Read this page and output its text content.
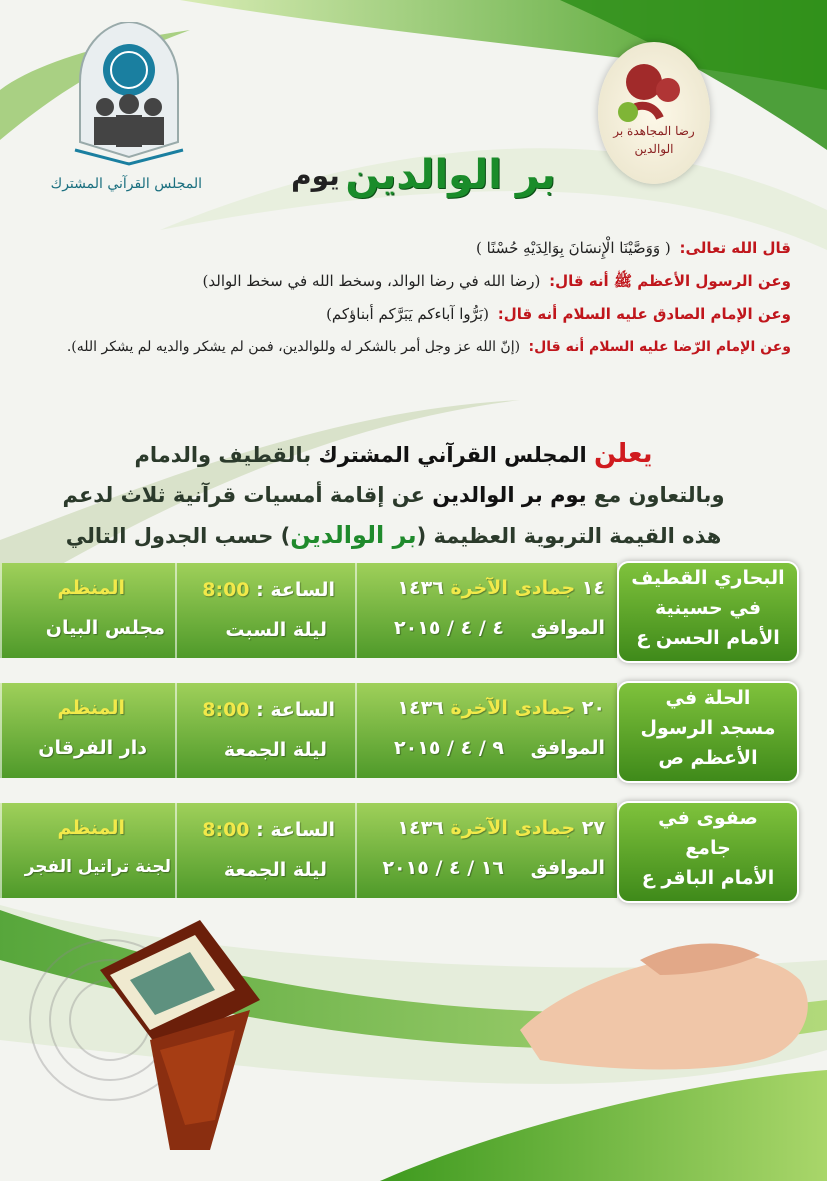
المجلس القرآني المشترك
رضا المجاهدة بر الوالدين
بر الوالدين يوم
قال الله تعالى: ( وَوَصَّيْنَا الْإِنسَانَ بِوَالِدَيْهِ حُسْنًا )
وعن الرسول الأعظم ﷺ أنه قال: (رضا الله في رضا الوالد، وسخط الله في سخط الوالد)
وعن الإمام الصادق عليه السلام أنه قال: (بَرُّوا آباءكم يَبَرَّكم أبناؤكم)
وعن الإمام الرّضا عليه السلام أنه قال: (إنّ الله عز وجل أمر بالشكر له وللوالدين، فمن لم يشكر والديه لم يشكر الله).
يعلن المجلس القرآني المشترك بالقطيف والدمام
وبالتعاون مع يوم بر الوالدين عن إقامة أمسيات قرآنية ثلاث لدعم
هذه القيمة التربوية العظيمة (بر الوالدين) حسب الجدول التالي
١٤ جمادى الآخرة ١٤٣٦
الموافق ٤ / ٤ / ٢٠١٥
الساعة : 8:00
ليلة السبت
المنظم
مجلس البيان
البحاري القطيف
في حسينية
الأمام الحسن ع
٢٠ جمادى الآخرة ١٤٣٦
الموافق ٩ / ٤ / ٢٠١٥
الساعة : 8:00
ليلة الجمعة
المنظم
دار الفرقان
الحلة في
مسجد الرسول
الأعظم ص
٢٧ جمادى الآخرة ١٤٣٦
الموافق ١٦ / ٤ / ٢٠١٥
الساعة : 8:00
ليلة الجمعة
المنظم
لجنة تراتيل الفجر
صفوى في
جامع
الأمام الباقر ع
